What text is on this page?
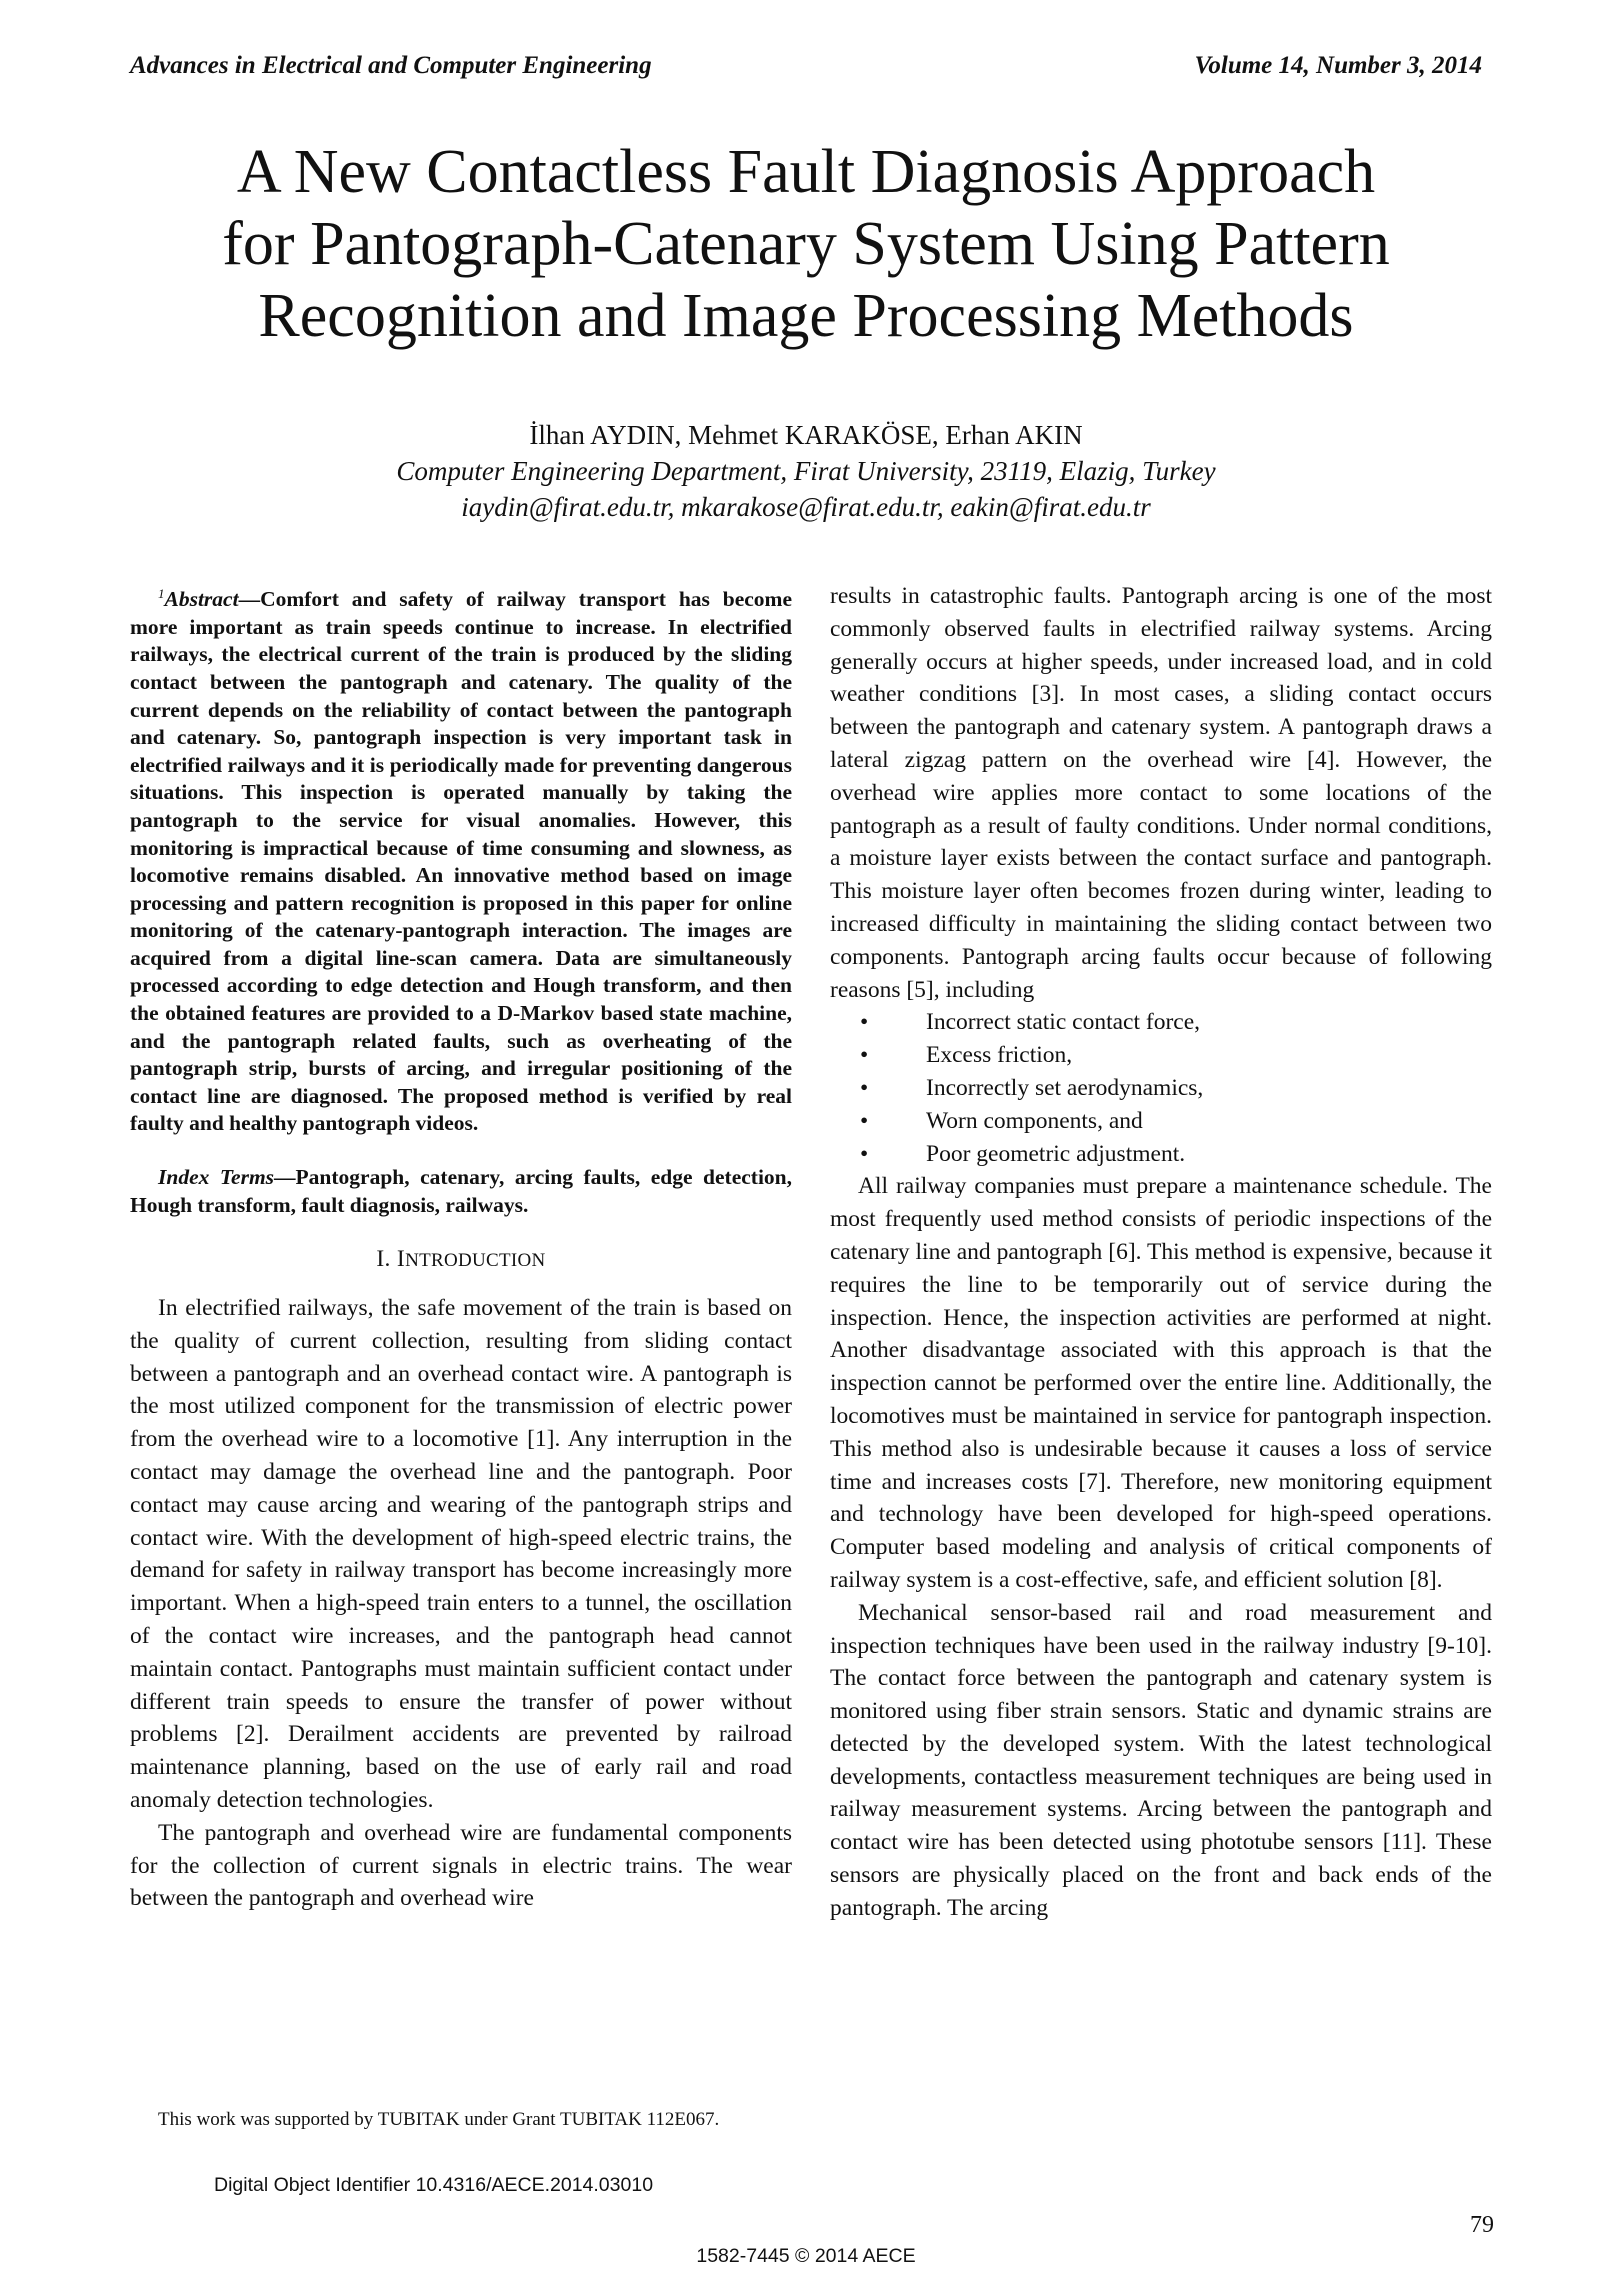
Advances in Electrical and Computer Engineering	Volume 14, Number 3, 2014
A New Contactless Fault Diagnosis Approach
for Pantograph-Catenary System Using Pattern
Recognition and Image Processing Methods
İlhan AYDIN, Mehmet KARAKÖSE, Erhan AKIN
Computer Engineering Department, Firat University, 23119, Elazig, Turkey
iaydin@firat.edu.tr, mkarakose@firat.edu.tr, eakin@firat.edu.tr

$^1$Abstract—Comfort and safety of railway transport has become more important as train speeds continue to increase. In electrified railways, the electrical current of the train is produced by the sliding contact between the pantograph and catenary. The quality of the current depends on the reliability of contact between the pantograph and catenary. So, pantograph inspection is very important task in electrified railways and it is periodically made for preventing dangerous situations. This inspection is operated manually by taking the pantograph to the service for visual anomalies. However, this monitoring is impractical because of time consuming and slowness, as locomotive remains disabled. An innovative method based on image processing and pattern recognition is proposed in this paper for online monitoring of the catenary-pantograph interaction. The images are acquired from a digital line-scan camera. Data are simultaneously processed according to edge detection and Hough transform, and then the obtained features are provided to a D-Markov based state machine, and the pantograph related faults, such as overheating of the pantograph strip, bursts of arcing, and irregular positioning of the contact line are diagnosed. The proposed method is verified by real faulty and healthy pantograph videos.

Index Terms—Pantograph, catenary, arcing faults, edge detection, Hough transform, fault diagnosis, railways.

I. INTRODUCTION

In electrified railways, the safe movement of the train is based on the quality of current collection, resulting from sliding contact between a pantograph and an overhead contact wire. A pantograph is the most utilized component for the transmission of electric power from the overhead wire to a locomotive [1]. Any interruption in the contact may damage the overhead line and the pantograph. Poor contact may cause arcing and wearing of the pantograph strips and contact wire. With the development of high-speed electric trains, the demand for safety in railway transport has become increasingly more important. When a high-speed train enters to a tunnel, the oscillation of the contact wire increases, and the pantograph head cannot maintain contact. Pantographs must maintain sufficient contact under different train speeds to ensure the transfer of power without problems [2]. Derailment accidents are prevented by railroad maintenance planning, based on the use of early rail and road anomaly detection technologies.

The pantograph and overhead wire are fundamental components for the collection of current signals in electric trains. The wear between the pantograph and overhead wire

results in catastrophic faults. Pantograph arcing is one of the most commonly observed faults in electrified railway systems. Arcing generally occurs at higher speeds, under increased load, and in cold weather conditions [3]. In most cases, a sliding contact occurs between the pantograph and catenary system. A pantograph draws a lateral zigzag pattern on the overhead wire [4]. However, the overhead wire applies more contact to some locations of the pantograph as a result of faulty conditions. Under normal conditions, a moisture layer exists between the contact surface and pantograph. This moisture layer often becomes frozen during winter, leading to increased difficulty in maintaining the sliding contact between two components. Pantograph arcing faults occur because of following reasons [5], including

• Incorrect static contact force,
• Excess friction,
• Incorrectly set aerodynamics,
• Worn components, and
• Poor geometric adjustment.

All railway companies must prepare a maintenance schedule. The most frequently used method consists of periodic inspections of the catenary line and pantograph [6]. This method is expensive, because it requires the line to be temporarily out of service during the inspection. Hence, the inspection activities are performed at night. Another disadvantage associated with this approach is that the inspection cannot be performed over the entire line. Additionally, the locomotives must be maintained in service for pantograph inspection. This method also is undesirable because it causes a loss of service time and increases costs [7]. Therefore, new monitoring equipment and technology have been developed for high-speed operations. Computer based modeling and analysis of critical components of railway system is a cost-effective, safe, and efficient solution [8].

Mechanical sensor-based rail and road measurement and inspection techniques have been used in the railway industry [9-10]. The contact force between the pantograph and catenary system is monitored using fiber strain sensors. Static and dynamic strains are detected by the developed system. With the latest technological developments, contactless measurement techniques are being used in railway measurement systems. Arcing between the pantograph and contact wire has been detected using phototube sensors [11]. These sensors are physically placed on the front and back ends of the pantograph. The arcing

This work was supported by TUBITAK under Grant TUBITAK 112E067.
Digital Object Identifier 10.4316/AECE.2014.03010
79
1582-7445 © 2014 AECE
